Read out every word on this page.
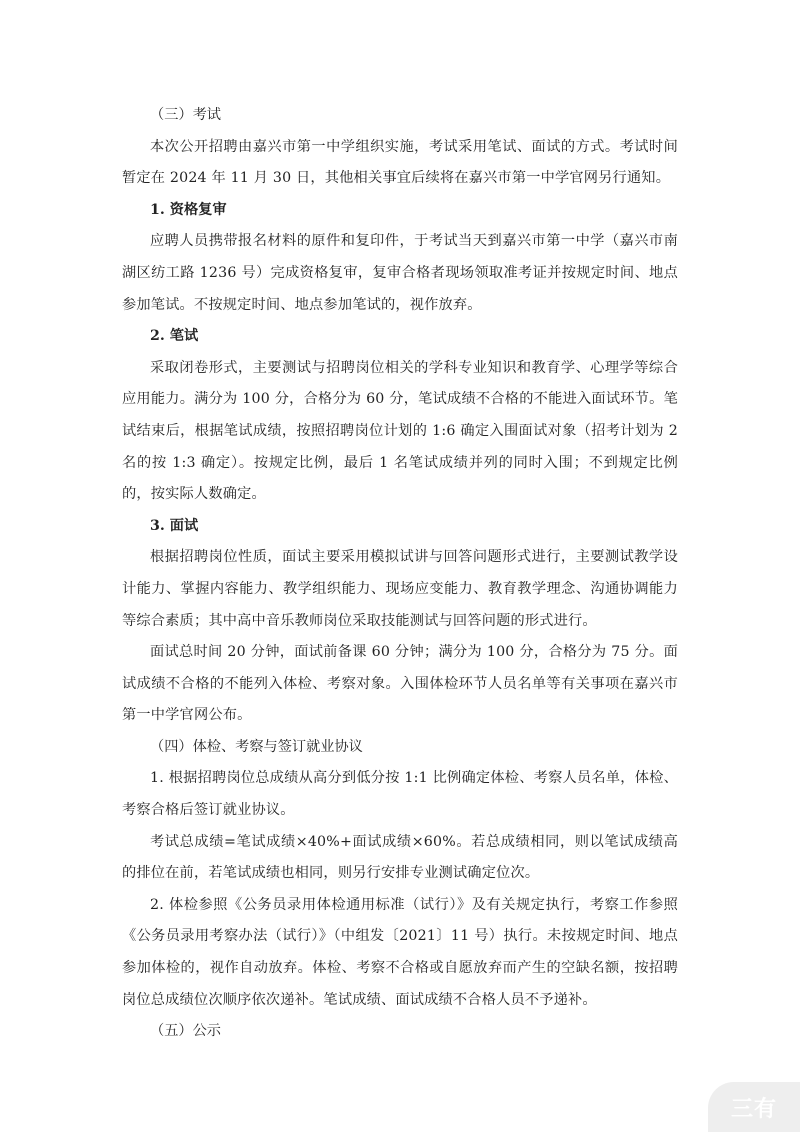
（三）考试

本次公开招聘由嘉兴市第一中学组织实施，考试采用笔试、面试的方式。考试时间暂定在 2024 年 11 月 30 日，其他相关事宜后续将在嘉兴市第一中学官网另行通知。

1. 资格复审

应聘人员携带报名材料的原件和复印件，于考试当天到嘉兴市第一中学（嘉兴市南湖区纺工路 1236 号）完成资格复审，复审合格者现场领取准考证并按规定时间、地点参加笔试。不按规定时间、地点参加笔试的，视作放弃。

2. 笔试

采取闭卷形式，主要测试与招聘岗位相关的学科专业知识和教育学、心理学等综合应用能力。满分为 100 分，合格分为 60 分，笔试成绩不合格的不能进入面试环节。笔试结束后，根据笔试成绩，按照招聘岗位计划的 1:6 确定入围面试对象（招考计划为 2 名的按 1:3 确定）。按规定比例，最后 1 名笔试成绩并列的同时入围；不到规定比例的，按实际人数确定。

3. 面试

根据招聘岗位性质，面试主要采用模拟试讲与回答问题形式进行，主要测试教学设计能力、掌握内容能力、教学组织能力、现场应变能力、教育教学理念、沟通协调能力等综合素质；其中高中音乐教师岗位采取技能测试与回答问题的形式进行。

面试总时间 20 分钟，面试前备课 60 分钟；满分为 100 分，合格分为 75 分。面试成绩不合格的不能列入体检、考察对象。入围体检环节人员名单等有关事项在嘉兴市第一中学官网公布。

（四）体检、考察与签订就业协议

1. 根据招聘岗位总成绩从高分到低分按 1:1 比例确定体检、考察人员名单，体检、考察合格后签订就业协议。

考试总成绩=笔试成绩×40%+面试成绩×60%。若总成绩相同，则以笔试成绩高的排位在前，若笔试成绩也相同，则另行安排专业测试确定位次。

2. 体检参照《公务员录用体检通用标准（试行）》及有关规定执行，考察工作参照《公务员录用考察办法（试行）》（中组发〔2021〕11 号）执行。未按规定时间、地点参加体检的，视作自动放弃。体检、考察不合格或自愿放弃而产生的空缺名额，按招聘岗位总成绩位次顺序依次递补。笔试成绩、面试成绩不合格人员不予递补。

（五）公示

三有
